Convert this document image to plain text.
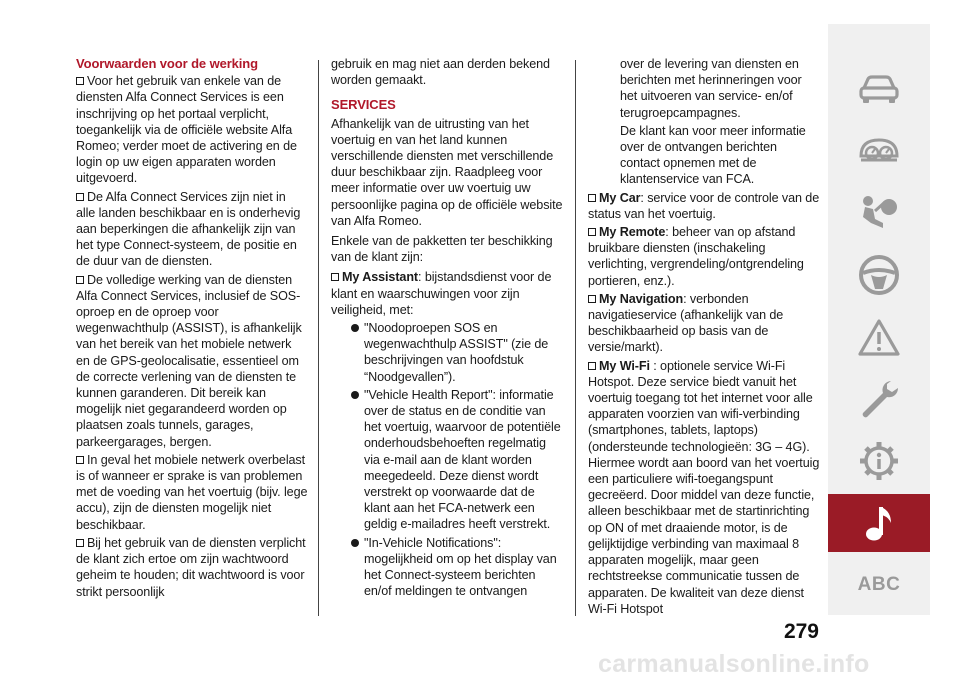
Voorwaarden voor de werking

Voor het gebruik van enkele van de diensten Alfa Connect Services is een inschrijving op het portaal verplicht, toegankelijk via de officiële website Alfa Romeo; verder moet de activering en de login op uw eigen apparaten worden uitgevoerd.

De Alfa Connect Services zijn niet in alle landen beschikbaar en is onderhevig aan beperkingen die afhankelijk zijn van het type Connect-systeem, de positie en de duur van de diensten.

De volledige werking van de diensten Alfa Connect Services, inclusief de SOS-oproep en de oproep voor wegenwachthulp (ASSIST), is afhankelijk van het bereik van het mobiele netwerk en de GPS-geolocalisatie, essentieel om de correcte verlening van de diensten te kunnen garanderen. Dit bereik kan mogelijk niet gegarandeerd worden op plaatsen zoals tunnels, garages, parkeergarages, bergen.

In geval het mobiele netwerk overbelast is of wanneer er sprake is van problemen met de voeding van het voertuig (bijv. lege accu), zijn de diensten mogelijk niet beschikbaar.

Bij het gebruik van de diensten verplicht de klant zich ertoe om zijn wachtwoord geheim te houden; dit wachtwoord is voor strikt persoonlijk

gebruik en mag niet aan derden bekend worden gemaakt.

SERVICES

Afhankelijk van de uitrusting van het voertuig en van het land kunnen verschillende diensten met verschillende duur beschikbaar zijn. Raadpleeg voor meer informatie over uw voertuig uw persoonlijke pagina op de officiële website van Alfa Romeo.

Enkele van de pakketten ter beschikking van de klant zijn:

My Assistant: bijstandsdienst voor de klant en waarschuwingen voor zijn veiligheid, met:

"Noodoproepen SOS en wegenwachthulp ASSIST" (zie de beschrijvingen van hoofdstuk “Noodgevallen”).
"Vehicle Health Report": informatie over de status en de conditie van het voertuig, waarvoor de potentiële onderhoudsbehoeften regelmatig via e-mail aan de klant worden meegedeeld. Deze dienst wordt verstrekt op voorwaarde dat de klant aan het FCA-netwerk een geldig e-mailadres heeft verstrekt.
"In-Vehicle Notifications": mogelijkheid om op het display van het Connect-systeem berichten en/of meldingen te ontvangen
over de levering van diensten en berichten met herinneringen voor het uitvoeren van service- en/of terugroepcampagnes.
De klant kan voor meer informatie over de ontvangen berichten contact opnemen met de klantenservice van FCA.

My Car: service voor de controle van de status van het voertuig.

My Remote: beheer van op afstand bruikbare diensten (inschakeling verlichting, vergrendeling/ontgrendeling portieren, enz.).

My Navigation: verbonden navigatieservice (afhankelijk van de beschikbaarheid op basis van de versie/markt).

My Wi-Fi : optionele service Wi-Fi Hotspot. Deze service biedt vanuit het voertuig toegang tot het internet voor alle apparaten voorzien van wifi-verbinding (smartphones, tablets, laptops) (ondersteunde technologieën: 3G – 4G). Hiermee wordt aan boord van het voertuig een particuliere wifi-toegangspunt gecreëerd. Door middel van deze functie, alleen beschikbaar met de startinrichting op ON of met draaiende motor, is de gelijktijdige verbinding van maximaal 8 apparaten mogelijk, maar geen rechtstreekse communicatie tussen de apparaten. De kwaliteit van deze dienst Wi-Fi Hotspot

279
ABC
carmanualsonline.info
